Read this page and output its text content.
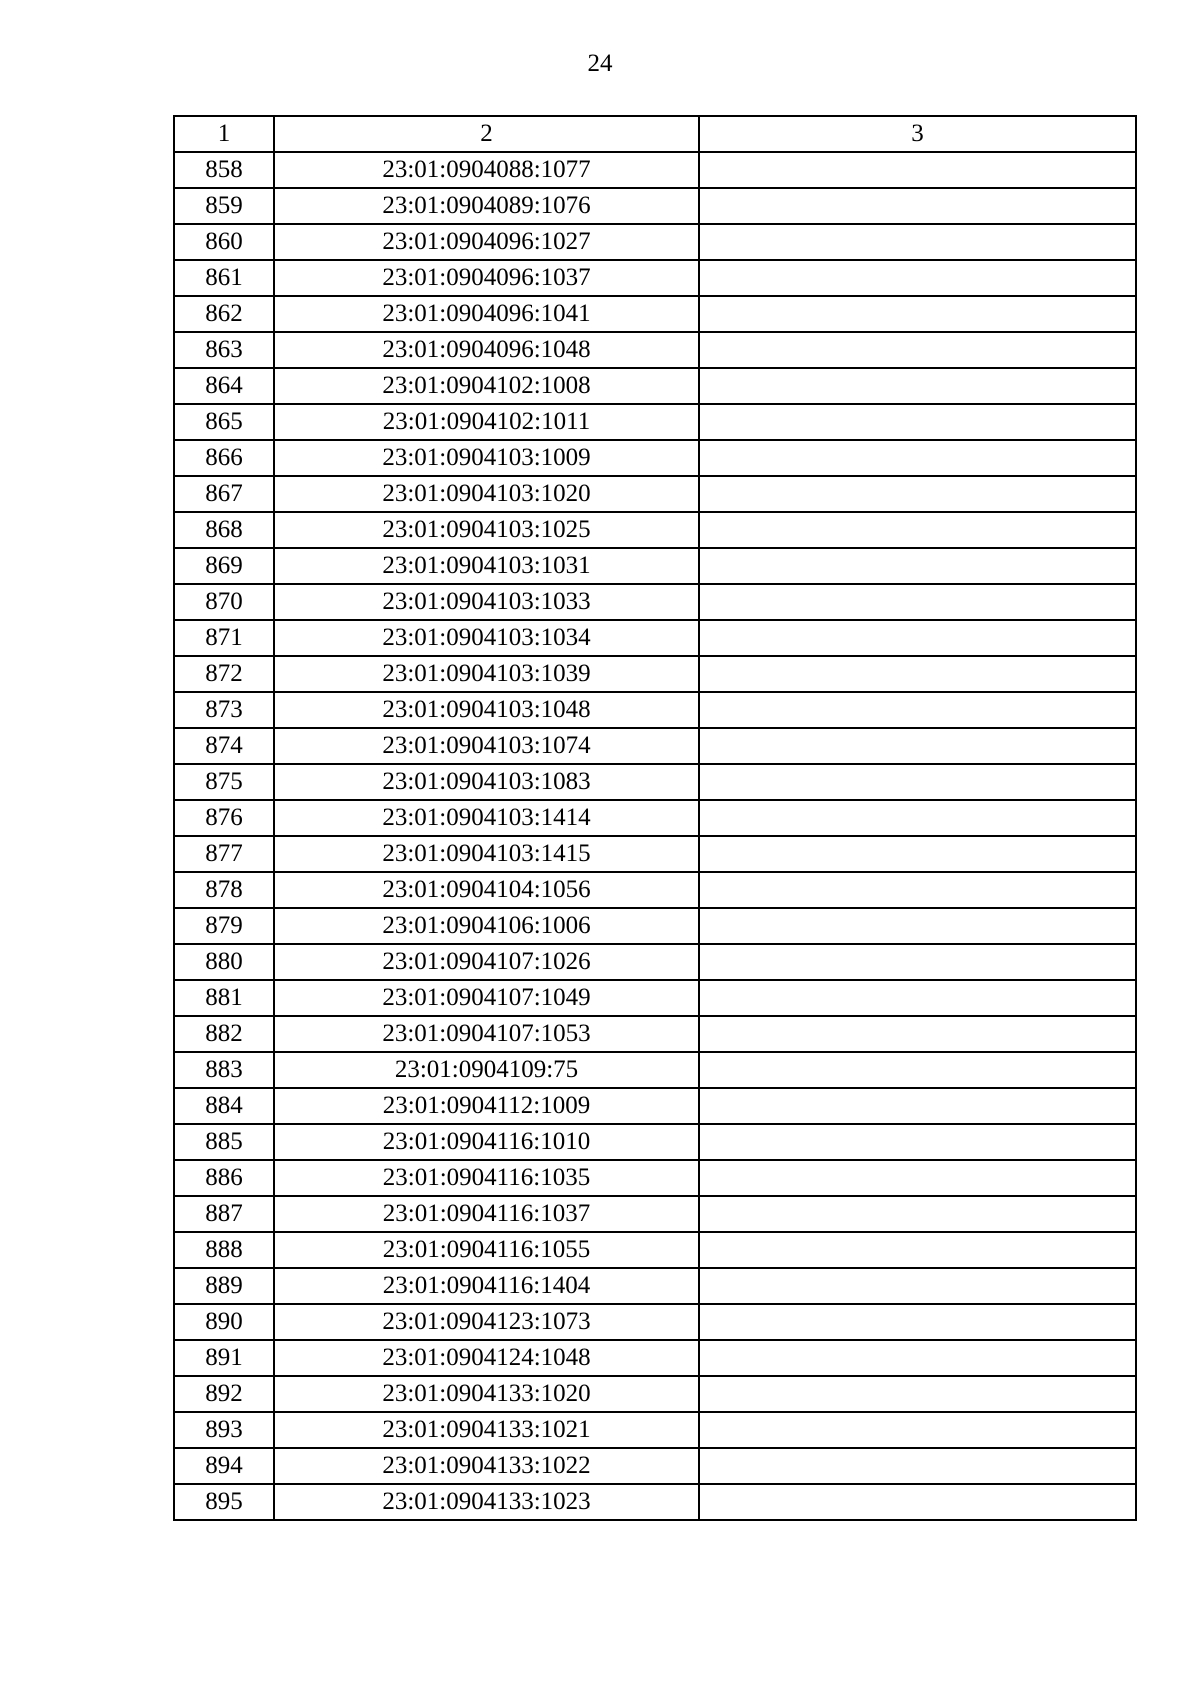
24
1	2	3
858	23:01:0904088:1077	
859	23:01:0904089:1076	
860	23:01:0904096:1027	
861	23:01:0904096:1037	
862	23:01:0904096:1041	
863	23:01:0904096:1048	
864	23:01:0904102:1008	
865	23:01:0904102:1011	
866	23:01:0904103:1009	
867	23:01:0904103:1020	
868	23:01:0904103:1025	
869	23:01:0904103:1031	
870	23:01:0904103:1033	
871	23:01:0904103:1034	
872	23:01:0904103:1039	
873	23:01:0904103:1048	
874	23:01:0904103:1074	
875	23:01:0904103:1083	
876	23:01:0904103:1414	
877	23:01:0904103:1415	
878	23:01:0904104:1056	
879	23:01:0904106:1006	
880	23:01:0904107:1026	
881	23:01:0904107:1049	
882	23:01:0904107:1053	
883	23:01:0904109:75	
884	23:01:0904112:1009	
885	23:01:0904116:1010	
886	23:01:0904116:1035	
887	23:01:0904116:1037	
888	23:01:0904116:1055	
889	23:01:0904116:1404	
890	23:01:0904123:1073	
891	23:01:0904124:1048	
892	23:01:0904133:1020	
893	23:01:0904133:1021	
894	23:01:0904133:1022	
895	23:01:0904133:1023	
